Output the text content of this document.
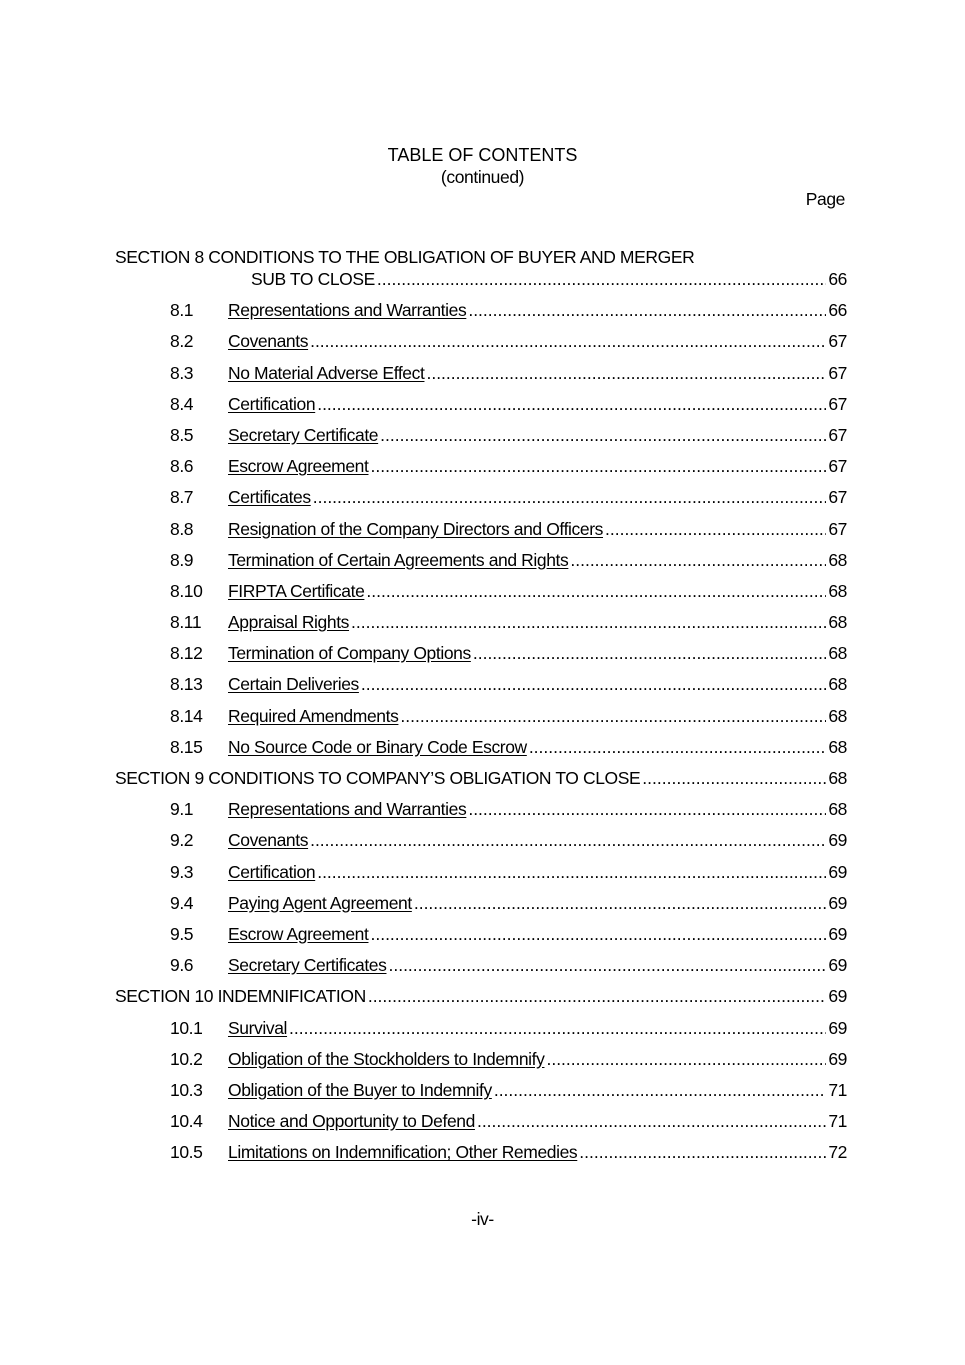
TABLE OF CONTENTS
(continued)
Page
SECTION 8 CONDITIONS TO THE OBLIGATION OF BUYER AND MERGER
SUB TO CLOSE .....	66
8.1 Representations and Warranties .....	66
8.2 Covenants .....	67
8.3 No Material Adverse Effect .....	67
8.4 Certification .....	67
8.5 Secretary Certificate .....	67
8.6 Escrow Agreement .....	67
8.7 Certificates .....	67
8.8 Resignation of the Company Directors and Officers .....	67
8.9 Termination of Certain Agreements and Rights .....	68
8.10 FIRPTA Certificate .....	68
8.11 Appraisal Rights .....	68
8.12 Termination of Company Options .....	68
8.13 Certain Deliveries .....	68
8.14 Required Amendments .....	68
8.15 No Source Code or Binary Code Escrow .....	68
SECTION 9 CONDITIONS TO COMPANY’S OBLIGATION TO CLOSE .....	68
9.1 Representations and Warranties .....	68
9.2 Covenants .....	69
9.3 Certification .....	69
9.4 Paying Agent Agreement .....	69
9.5 Escrow Agreement .....	69
9.6 Secretary Certificates .....	69
SECTION 10 INDEMNIFICATION .....	69
10.1 Survival .....	69
10.2 Obligation of the Stockholders to Indemnify .....	69
10.3 Obligation of the Buyer to Indemnify .....	71
10.4 Notice and Opportunity to Defend .....	71
10.5 Limitations on Indemnification; Other Remedies .....	72
-iv-
